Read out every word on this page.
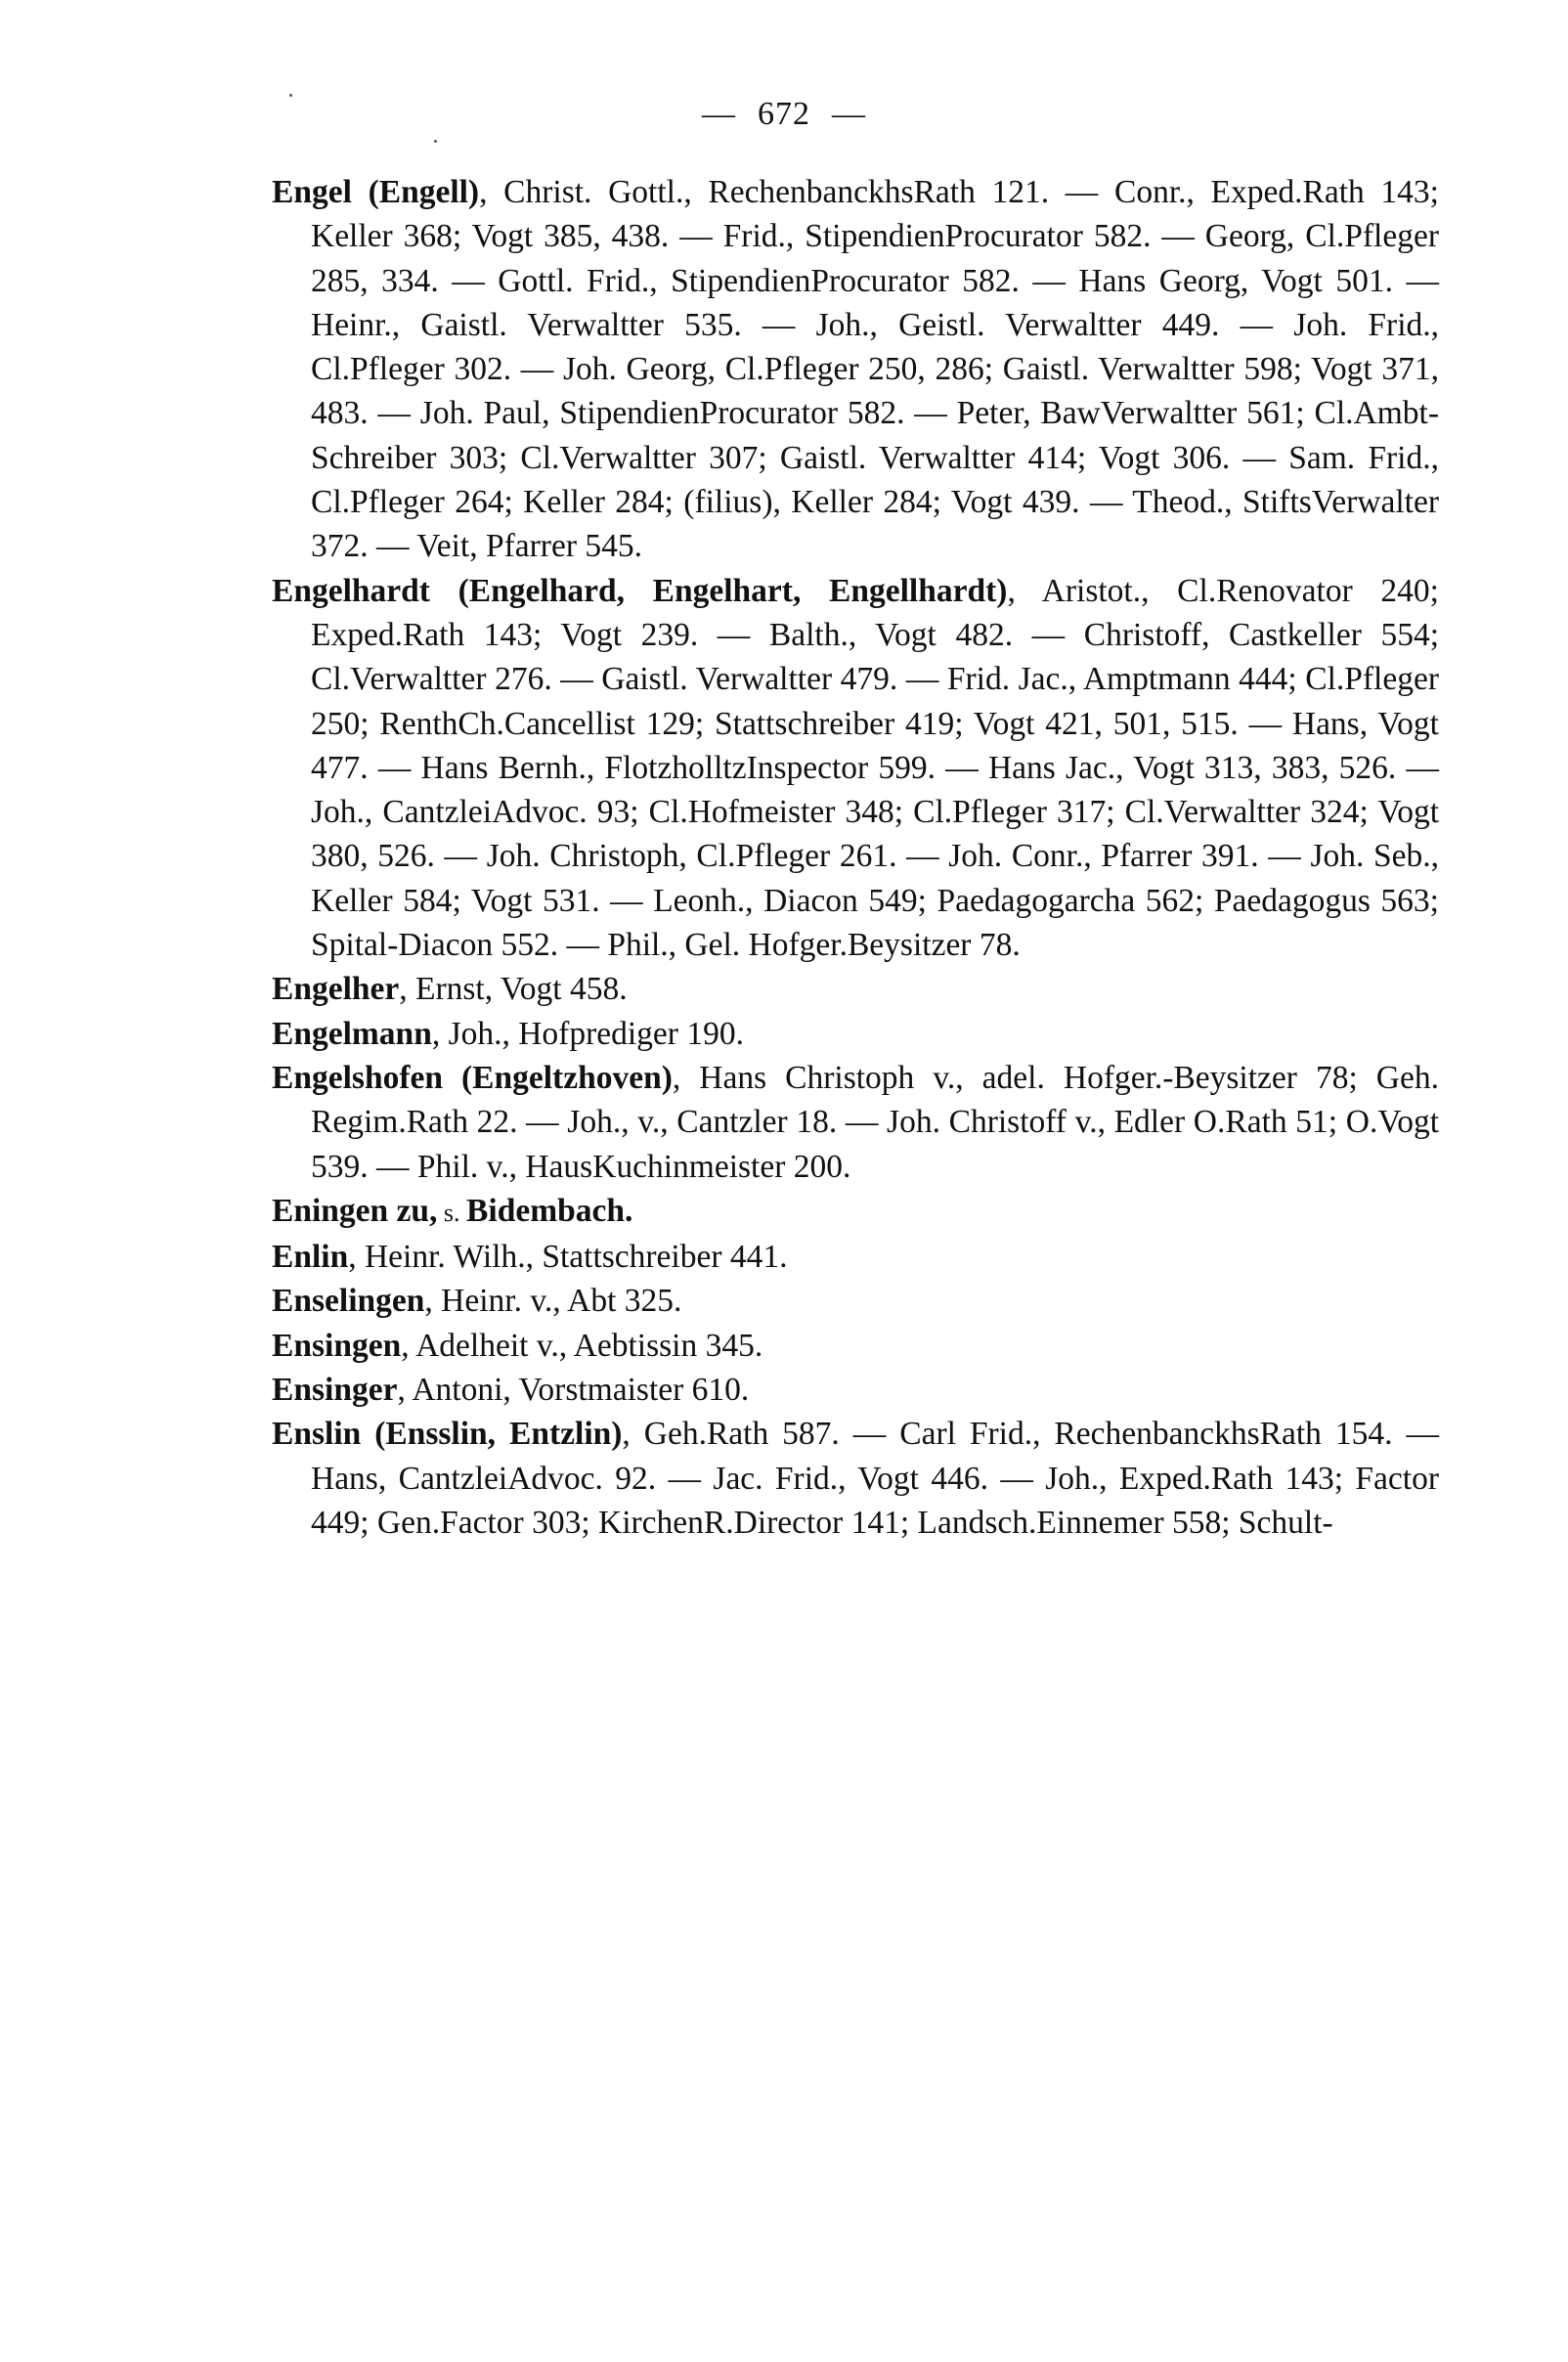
— 672 —

Engel (Engell), Christ. Gottl., RechenbanckhsRath 121. — Conr., Exped.Rath 143; Keller 368; Vogt 385, 438. — Frid., StipendienProcurator 582. — Georg, Cl.Pfleger 285, 334. — Gottl. Frid., StipendienProcurator 582. — Hans Georg, Vogt 501. — Heinr., Gaistl. Verwaltter 535. — Joh., Geistl. Verwaltter 449. — Joh. Frid., Cl.Pfleger 302. — Joh. Georg, Cl.Pfleger 250, 286; Gaistl. Verwaltter 598; Vogt 371, 483. — Joh. Paul, StipendienProcurator 582. — Peter, BawVerwaltter 561; Cl.Ambt-Schreiber 303; Cl.Verwaltter 307; Gaistl. Verwaltter 414; Vogt 306. — Sam. Frid., Cl.Pfleger 264; Keller 284; (filius), Keller 284; Vogt 439. — Theod., StiftsVerwalter 372. — Veit, Pfarrer 545.

Engelhardt (Engelhard, Engelhart, Engellhardt), Aristot., Cl.Renovator 240; Exped.Rath 143; Vogt 239. — Balth., Vogt 482. — Christoff, Castkeller 554; Cl.Verwaltter 276. — Gaistl. Verwaltter 479. — Frid. Jac., Amptmann 444; Cl.Pfleger 250; RenthCh.Cancellist 129; Stattschreiber 419; Vogt 421, 501, 515. — Hans, Vogt 477. — Hans Bernh., FlotzholltzInspector 599. — Hans Jac., Vogt 313, 383, 526. — Joh., CantzleiAdvoc. 93; Cl.Hofmeister 348; Cl.Pfleger 317; Cl.Verwaltter 324; Vogt 380, 526. — Joh. Christoph, Cl.Pfleger 261. — Joh. Conr., Pfarrer 391. — Joh. Seb., Keller 584; Vogt 531. — Leonh., Diacon 549; Paedagogarcha 562; Paedagogus 563; Spital-Diacon 552. — Phil., Gel. Hofger.Beysitzer 78.

Engelher, Ernst, Vogt 458.

Engelmann, Joh., Hofprediger 190.

Engelshofen (Engeltzhoven), Hans Christoph v., adel. Hofger.-Beysitzer 78; Geh. Regim.Rath 22. — Joh., v., Cantzler 18. — Joh. Christoff v., Edler O.Rath 51; O.Vogt 539. — Phil. v., HausKuchinmeister 200.

Eningen zu, s. Bidembach.

Enlin, Heinr. Wilh., Stattschreiber 441.

Enselingen, Heinr. v., Abt 325.

Ensingen, Adelheit v., Aebtissin 345.

Ensinger, Antoni, Vorstmaister 610.

Enslin (Ensslin, Entzlin), Geh.Rath 587. — Carl Frid., RechenbanckhsRath 154. — Hans, CantzleiAdvoc. 92. — Jac. Frid., Vogt 446. — Joh., Exped.Rath 143; Factor 449; Gen.Factor 303; KirchenR.Director 141; Landsch.Einnemer 558; Schult-
